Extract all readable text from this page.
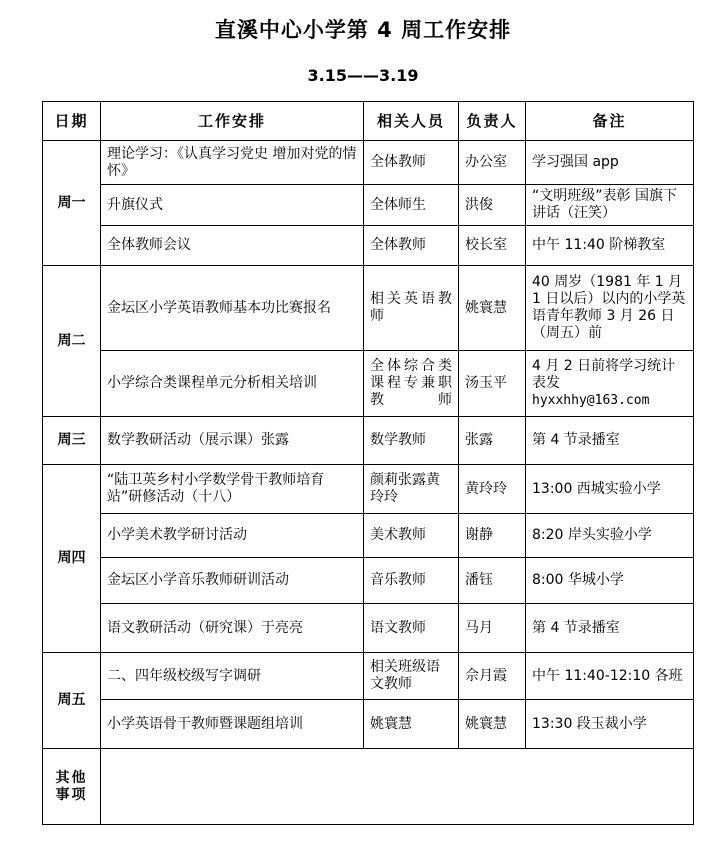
直溪中心小学第 4 周工作安排
3.15——3.19
日期	工作安排	相关人员	负责人	备注
周一	理论学习：《认真学习党史 增加对党的情怀》	全体教师	办公室	学习强国 app
	升旗仪式	全体师生	洪俊	“文明班级”表彰 国旗下讲话（汪笑）
	全体教师会议	全体教师	校长室	中午 11:40 阶梯教室
周二	金坛区小学英语教师基本功比赛报名	相关英语教师	姚寰慧	40 周岁（1981 年 1 月 1 日以后）以内的小学英语青年教师 3 月 26 日（周五）前
	小学综合类课程单元分析相关培训	全体综合类课程专兼职教师	汤玉平	4 月 2 日前将学习统计表发
hyxxhhy@163.com
周三	数学教研活动（展示课）张露	数学教师	张露	第 4 节录播室
周四	“陆卫英乡村小学数学骨干教师培育站”研修活动（十八）	颜莉张露黄玲玲	黄玲玲	13:00 西城实验小学
	小学美术教学研讨活动	美术教师	谢静	8:20 岸头实验小学
	金坛区小学音乐教师研训活动	音乐教师	潘钰	8:00 华城小学
	语文教研活动（研究课）于亮亮	语文教师	马月	第 4 节录播室
周五	二、四年级校级写字调研	相关班级语文教师	佘月霞	中午 11:40-12:10 各班
	小学英语骨干教师暨课题组培训	姚寰慧	姚寰慧	13:30 段玉裁小学
其他
事项				
